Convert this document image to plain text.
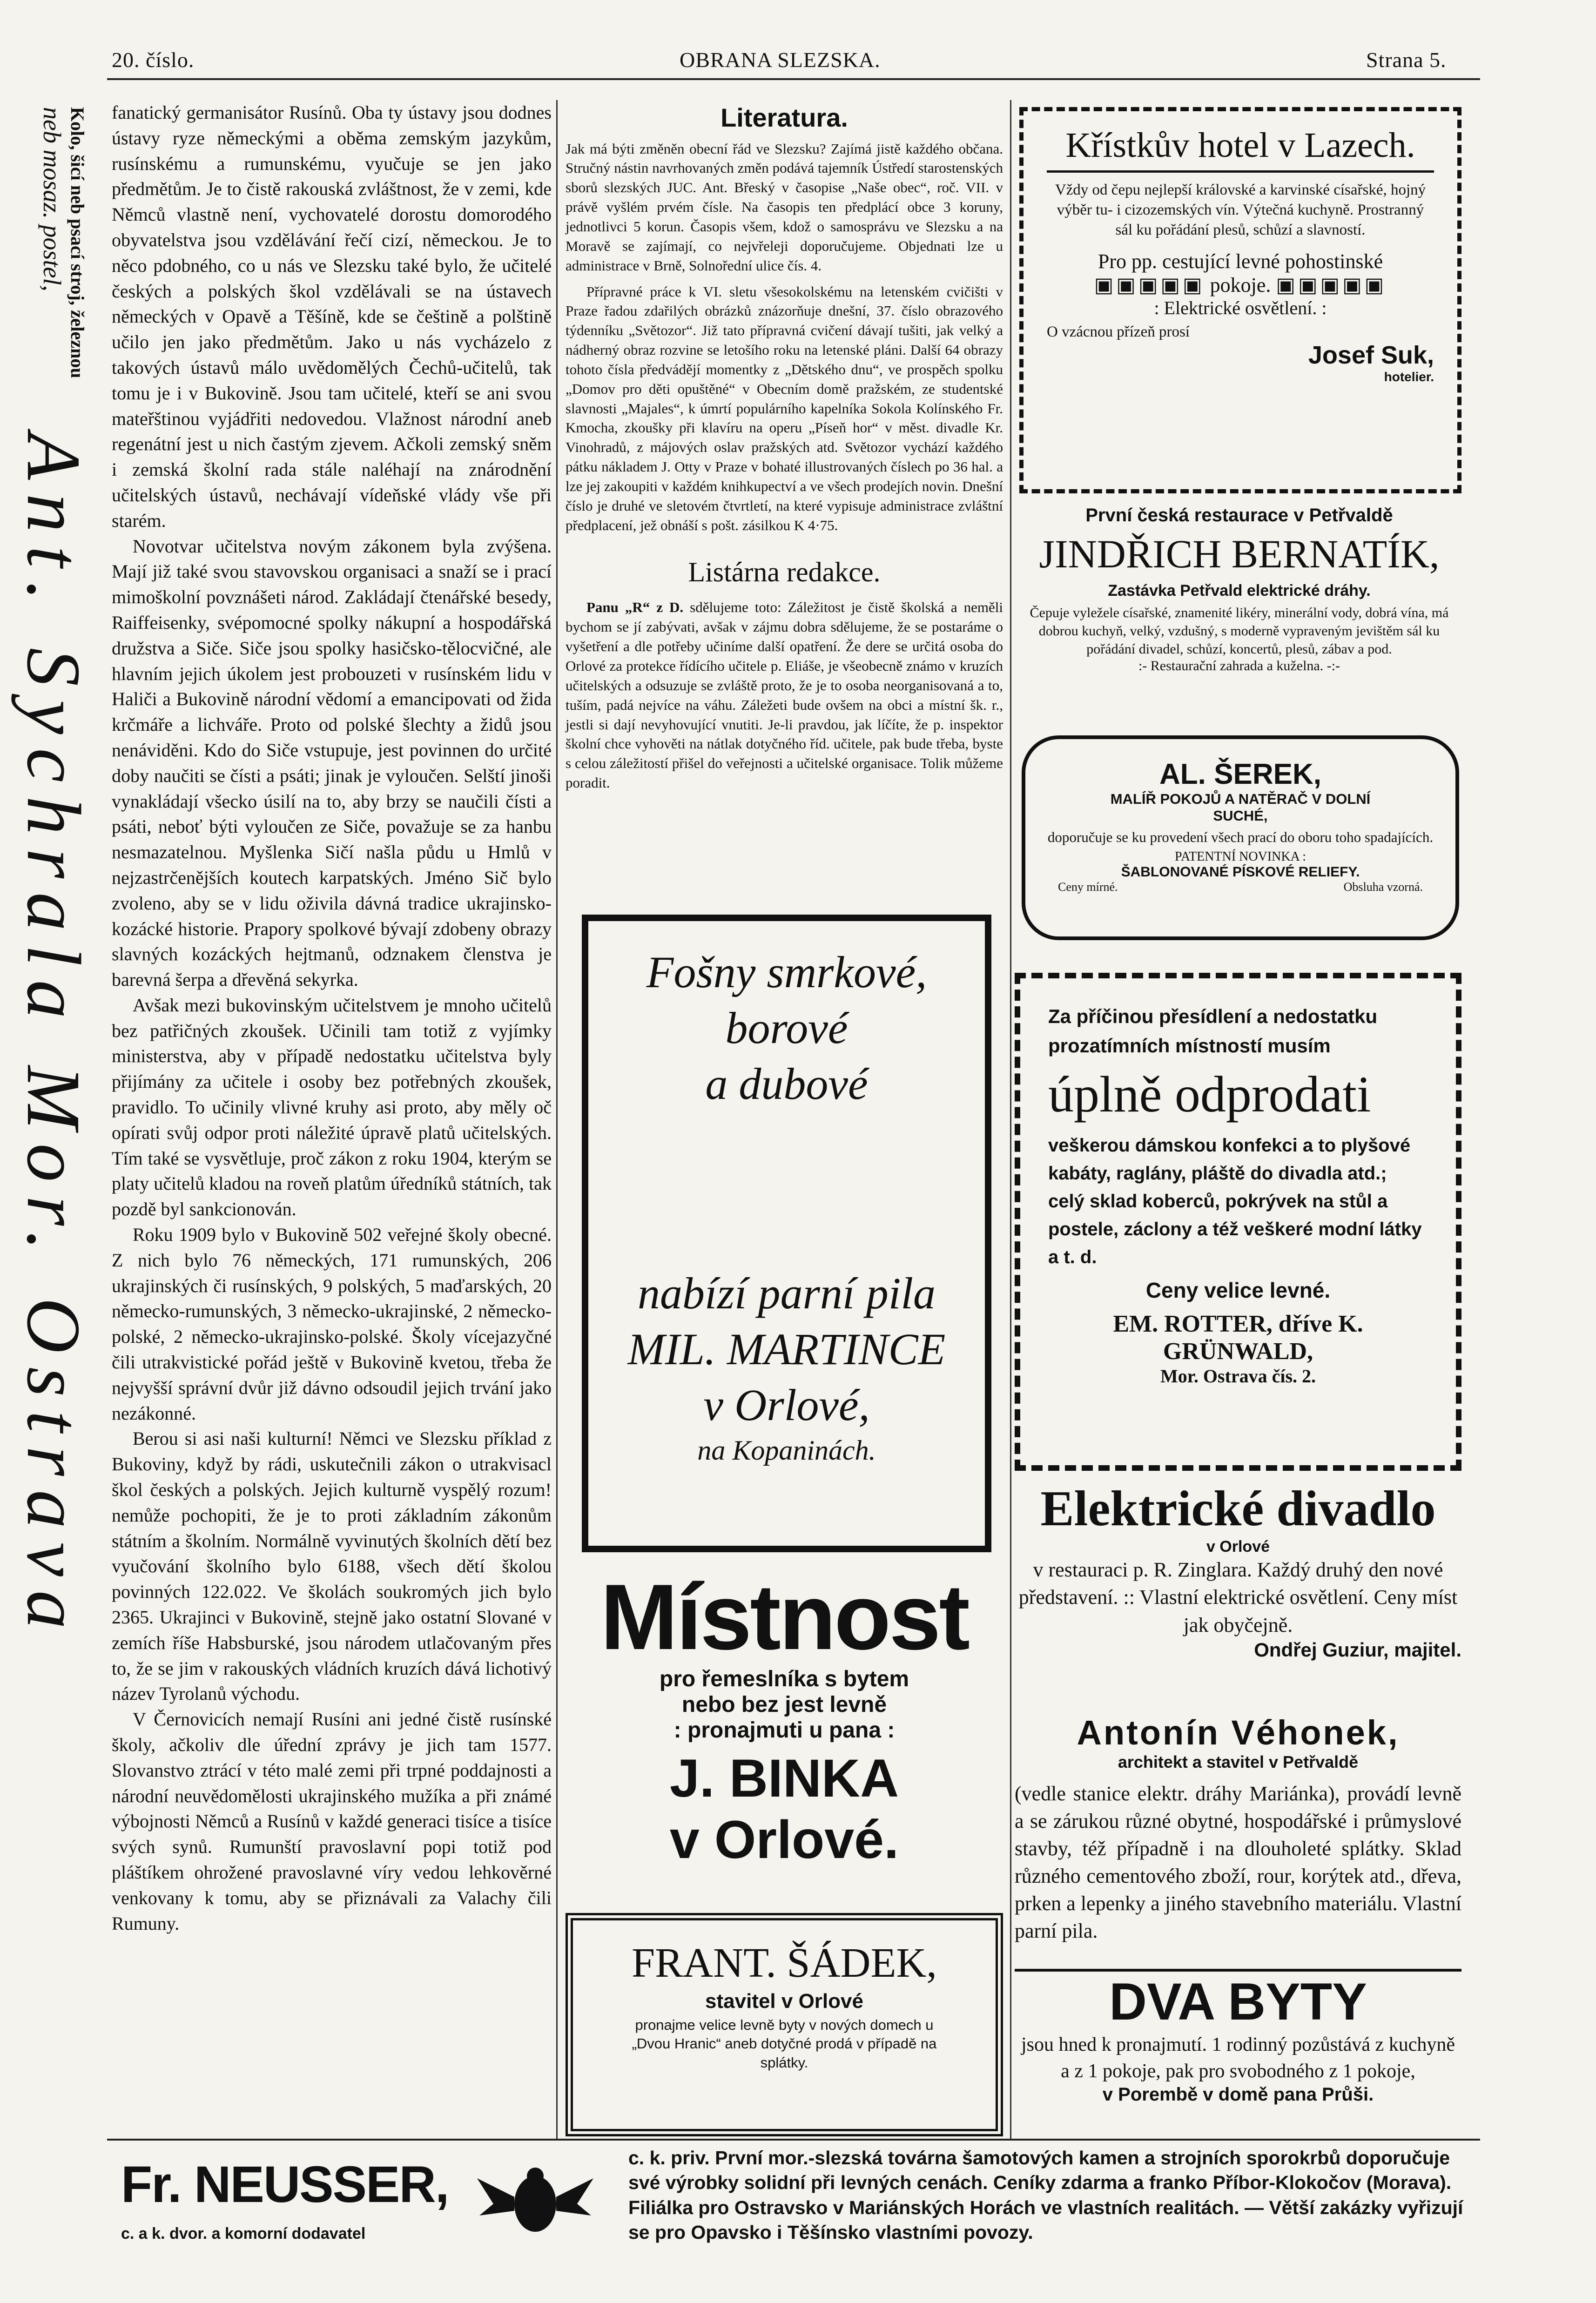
20. číslo.	OBRANA SLEZSKA.	Strana 5.
Kolo, šicí neb psací stroj, železnou
neb mosaz. postel,
Ant. Sychrala Mor. Ostrava

fanatický germanisátor Rusínů. Oba ty ústavy jsou dodnes ústavy ryze německými a oběma zemským jazykům, rusínskému a rumunskému, vyučuje se jen jako předmětům. Je to čistě rakouská zvláštnost, že v zemi, kde Němců vlastně není, vychovatelé dorostu domorodého obyvatelstva jsou vzdělávání řečí cizí, německou. Je to něco pdobného, co u nás ve Slezsku také bylo, že učitelé českých a polských škol vzdělávali se na ústavech německých v Opavě a Těšíně, kde se češtině a polštině učilo jen jako předmětům. Jako u nás vycházelo z takových ústavů málo uvědomělých Čechů-učitelů, tak tomu je i v Bukovině. Jsou tam učitelé, kteří se ani svou mateřštinou vyjádřiti nedovedou. Vlažnost národní aneb regenátní jest u nich častým zjevem. Ačkoli zemský sněm i zemská školní rada stále naléhají na znárodnění učitelských ústavů, nechávají vídeňské vlády vše při starém.

Novotvar učitelstva novým zákonem byla zvýšena. Mají již také svou stavovskou organisaci a snaží se i prací mimoškolní povznášeti národ. Zakládají čtenářské besedy, Raiffeisenky, svépomocné spolky nákupní a hospodářská družstva a Siče. Siče jsou spolky hasičsko-tělocvičné, ale hlavním jejich úkolem jest probouzeti v rusínském lidu v Haliči a Bukovině národní vědomí a emancipovati od žida krčmáře a lichváře. Proto od polské šlechty a židů jsou nenáviděni. Kdo do Siče vstupuje, jest povinnen do určité doby naučiti se čísti a psáti; jinak je vyloučen. Selští jinoši vynakládají všecko úsilí na to, aby brzy se naučili čísti a psáti, neboť býti vyloučen ze Siče, považuje se za hanbu nesmazatelnou. Myšlenka Sičí našla půdu u Hmlů v nejzastrčenějších koutech karpatských. Jméno Sič bylo zvoleno, aby se v lidu oživila dávná tradice ukrajinsko-kozácké historie. Prapory spolkové bývají zdobeny obrazy slavných kozáckých hejtmanů, odznakem členstva je barevná šerpa a dřevěná sekyrka.

Avšak mezi bukovinským učitelstvem je mnoho učitelů bez patřičných zkoušek. Učinili tam totiž z vyjímky ministerstva, aby v případě nedostatku učitelstva byly přijímány za učitele i osoby bez potřebných zkoušek, pravidlo. To učinily vlivné kruhy asi proto, aby měly oč opírati svůj odpor proti náležité úpravě platů učitelských. Tím také se vysvětluje, proč zákon z roku 1904, kterým se platy učitelů kladou na roveň platům úředníků státních, tak pozdě byl sankcionován.

Roku 1909 bylo v Bukovině 502 veřejné školy obecné. Z nich bylo 76 německých, 171 rumunských, 206 ukrajinských či rusínských, 9 polských, 5 maďarských, 20 německo-rumunských, 3 německo-ukrajinské, 2 německo-polské, 2 německo-ukrajinsko-polské. Školy vícejazyčné čili utrakvistické pořád ještě v Bukovině kvetou, třeba že nejvyšší správní dvůr již dávno odsoudil jejich trvání jako nezákonné.

Berou si asi naši kulturní! Němci ve Slezsku příklad z Bukoviny, když by rádi, uskutečnili zákon o utrakvisacl škol českých a polských. Jejich kulturně vyspělý rozum! nemůže pochopiti, že je to proti základním zákonům státním a školním. Normálně vyvinutých školních dětí bez vyučování školního bylo 6188, všech dětí školou povinných 122.022. Ve školách soukromých jich bylo 2365. Ukrajinci v Bukovině, stejně jako ostatní Slované v zemích říše Habsburské, jsou národem utlačovaným přes to, že se jim v rakouských vládních kruzích dává lichotivý název Tyrolanů východu.

V Černovicích nemají Rusíni ani jedné čistě rusínské školy, ačkoliv dle úřední zprávy je jich tam 1577. Slovanstvo ztrácí v této malé zemi při trpné poddajnosti a národní neuvědomělosti ukrajinského mužíka a při známé výbojnosti Němců a Rusínů v každé generaci tisíce a tisíce svých synů. Rumunští pravoslavní popi totiž pod pláštíkem ohrožené pravoslavné víry vedou lehkověrné venkovany k tomu, aby se přiznávali za Valachy čili Rumuny.

Literatura.

Jak má býti změněn obecní řád ve Slezsku? Zajímá jistě každého občana. Stručný nástin navrhovaných změn podává tajemník Ústředí starostenských sborů slezských JUC. Ant. Břeský v časopise „Naše obec“, roč. VII. v právě vyšlém prvém čísle. Na časopis ten předplácí obce 3 koruny, jednotlivci 5 korun. Časopis všem, kdož o samosprávu ve Slezsku a na Moravě se zajímají, co nejvřeleji doporučujeme. Objednati lze u administrace v Brně, Solnořední ulice čís. 4.

Přípravné práce k VI. sletu všesokolskému na letenském cvičišti v Praze řadou zdařilých obrázků znázorňuje dnešní, 37. číslo obrazového týdenníku „Světozor“. Již tato přípravná cvičení dávají tušiti, jak velký a nádherný obraz rozvine se letošího roku na letenské pláni. Další 64 obrazy tohoto čísla předvádějí momentky z „Dětského dnu“, ve prospěch spolku „Domov pro děti opuštěné“ v Obecním domě pražském, ze studentské slavnosti „Majales“, k úmrtí populárního kapelníka Sokola Kolínského Fr. Kmocha, zkoušky při klavíru na operu „Píseň hor“ v měst. divadle Kr. Vinohradů, z májových oslav pražských atd. Světozor vychází každého pátku nákladem J. Otty v Praze v bohaté illustrovaných číslech po 36 hal. a lze jej zakoupiti v každém knihkupectví a ve všech prodejích novin. Dnešní číslo je druhé ve sletovém čtvrtletí, na které vypisuje administrace zvláštní předplacení, jež obnáší s pošt. zásilkou K 4·75.

Listárna redakce.

Panu „R“ z D. sdělujeme toto: Záležitost je čistě školská a neměli bychom se jí zabývati, avšak v zájmu dobra sdělujeme, že se postaráme o vyšetření a dle potřeby učiníme další opatření. Že dere se určitá osoba do Orlové za protekce řídícího učitele p. Eliáše, je všeobecně známo v kruzích učitelských a odsuzuje se zvláště proto, že je to osoba neorganisovaná a to, tuším, padá nejvíce na váhu. Záležeti bude ovšem na obci a místní šk. r., jestli si dají nevyhovující vnutiti. Je-li pravdou, jak líčíte, že p. inspektor školní chce vyhověti na nátlak dotyčného říd. učitele, pak bude třeba, byste s celou záležitostí přišel do veřejnosti a učitelské organisace. Tolik můžeme poradit.

Fošny smrkové,
borové
a dubové
nabízí parní pila
MIL. MARTINCE
v Orlové,
na Kopaninách.
Místnost
pro řemeslníka s bytem
nebo bez jest levně
: pronajmuti u pana :
J. BINKA
v Orlové.
FRANT. ŠÁDEK,
stavitel v Orlové
pronajme velice levně byty v nových domech u „Dvou Hranic“ aneb dotyčné prodá v případě na splátky.
Křístkův hotel v Lazech.
Vždy od čepu nejlepší královské a karvinské císařské, hojný výběr tu- i cizozemských vín. Výtečná kuchyně. Prostranný sál ku pořádání plesů, schůzí a slavností.
Pro pp. cestující levné pohostinské
▣▣▣▣▣ pokoje. ▣▣▣▣▣
: Elektrické osvětlení. :
O vzácnou přízeň prosí
Josef Suk,
hotelier.
První česká restaurace v Petřvaldě
JINDŘICH BERNATÍK,
Zastávka Petřvald elektrické dráhy.
Čepuje vyležele císařské, znamenité likéry, minerální vody, dobrá vína, má dobrou kuchyň, velký, vzdušný, s moderně vypraveným jevištěm sál ku pořádání divadel, schůzí, koncertů, plesů, zábav a pod.
:- Restaurační zahrada a kuželna. -:-
AL. ŠEREK,
MALÍŘ POKOJŮ A NATĚRAČ V DOLNÍ
SUCHÉ,
doporučuje se ku provedení všech prací do oboru toho spadajících.
PATENTNÍ NOVINKA :
ŠABLONOVANÉ PÍSKOVÉ RELIEFY.
Ceny mírné.	Obsluha vzorná.
Za příčinou přesídlení a nedostatku prozatímních místností musím
úplně odprodati
veškerou dámskou konfekci a to plyšové kabáty, raglány, pláště do divadla atd.; celý sklad koberců, pokrývek na stůl a postele, záclony a též veškeré modní látky a t. d.
Ceny velice levné.
EM. ROTTER, dříve K. GRÜNWALD,
Mor. Ostrava čís. 2.
Elektrické divadlo
v Orlové
v restauraci p. R. Zinglara. Každý druhý den nové představení. :: Vlastní elektrické osvětlení. Ceny míst jak obyčejně.
Ondřej Guziur, majitel.
Antonín Véhonek,
architekt a stavitel v Petřvaldě
(vedle stanice elektr. dráhy Mariánka), provádí levně a se zárukou různé obytné, hospodářské i průmyslové stavby, též případně i na dlouholeté splátky. Sklad různého cementového zboží, rour, korýtek atd., dřeva, prken a lepenky a jiného stavebního materiálu. Vlastní parní pila.
DVA BYTY
jsou hned k pronajmutí. 1 rodinný pozůstává z kuchyně a z 1 pokoje, pak pro svobodného z 1 pokoje,
v Porembě v domě pana Průši.
Fr. NEUSSER,
c. a k. dvor. a komorní dodavatel
c. k. priv. První mor.-slezská továrna šamotových kamen a strojních sporokrbů doporučuje své výrobky solidní při levných cenách. Ceníky zdarma a franko Příbor-Klokočov (Morava). Filiálka pro Ostravsko v Mariánských Horách ve vlastních realitách. — Větší zakázky vyřizují se pro Opavsko i Těšínsko vlastními povozy.
